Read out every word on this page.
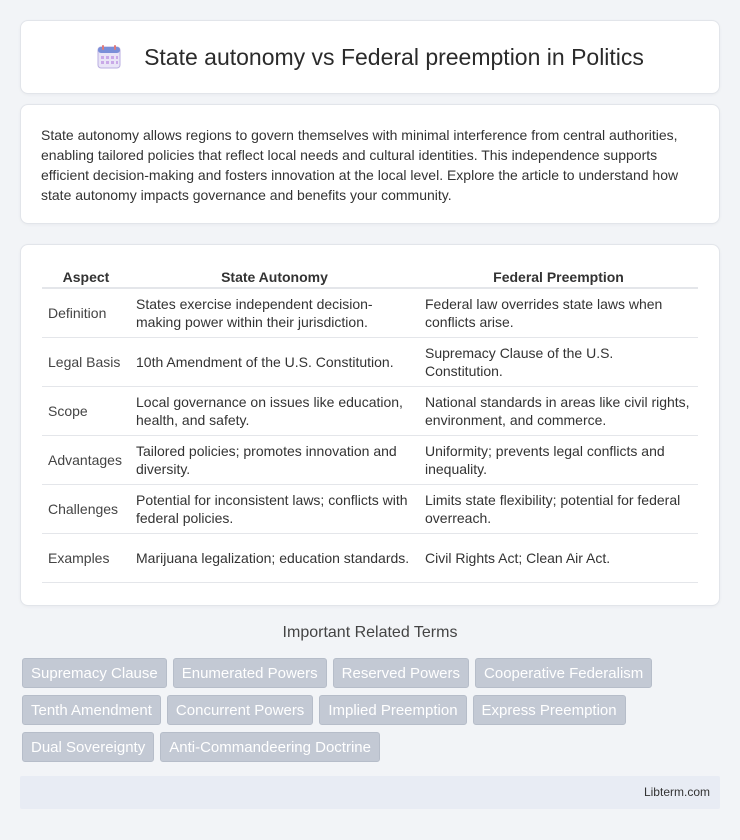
State autonomy vs Federal preemption in Politics

State autonomy allows regions to govern themselves with minimal interference from central authorities, enabling tailored policies that reflect local needs and cultural identities. This independence supports efficient decision-making and fosters innovation at the local level. Explore the article to understand how state autonomy impacts governance and benefits your community.

Aspect	State Autonomy	Federal Preemption
Definition	States exercise independent decision-making power within their jurisdiction.	Federal law overrides state laws when conflicts arise.
Legal Basis	10th Amendment of the U.S. Constitution.	Supremacy Clause of the U.S. Constitution.
Scope	Local governance on issues like education, health, and safety.	National standards in areas like civil rights, environment, and commerce.
Advantages	Tailored policies; promotes innovation and diversity.	Uniformity; prevents legal conflicts and inequality.
Challenges	Potential for inconsistent laws; conflicts with federal policies.	Limits state flexibility; potential for federal overreach.
Examples	Marijuana legalization; education standards.	Civil Rights Act; Clean Air Act.
Important Related Terms
Supremacy Clause	Enumerated Powers	Reserved Powers	Cooperative Federalism
Tenth Amendment	Concurrent Powers	Implied Preemption	Express Preemption
Dual Sovereignty	Anti-Commandeering Doctrine
Libterm.com
